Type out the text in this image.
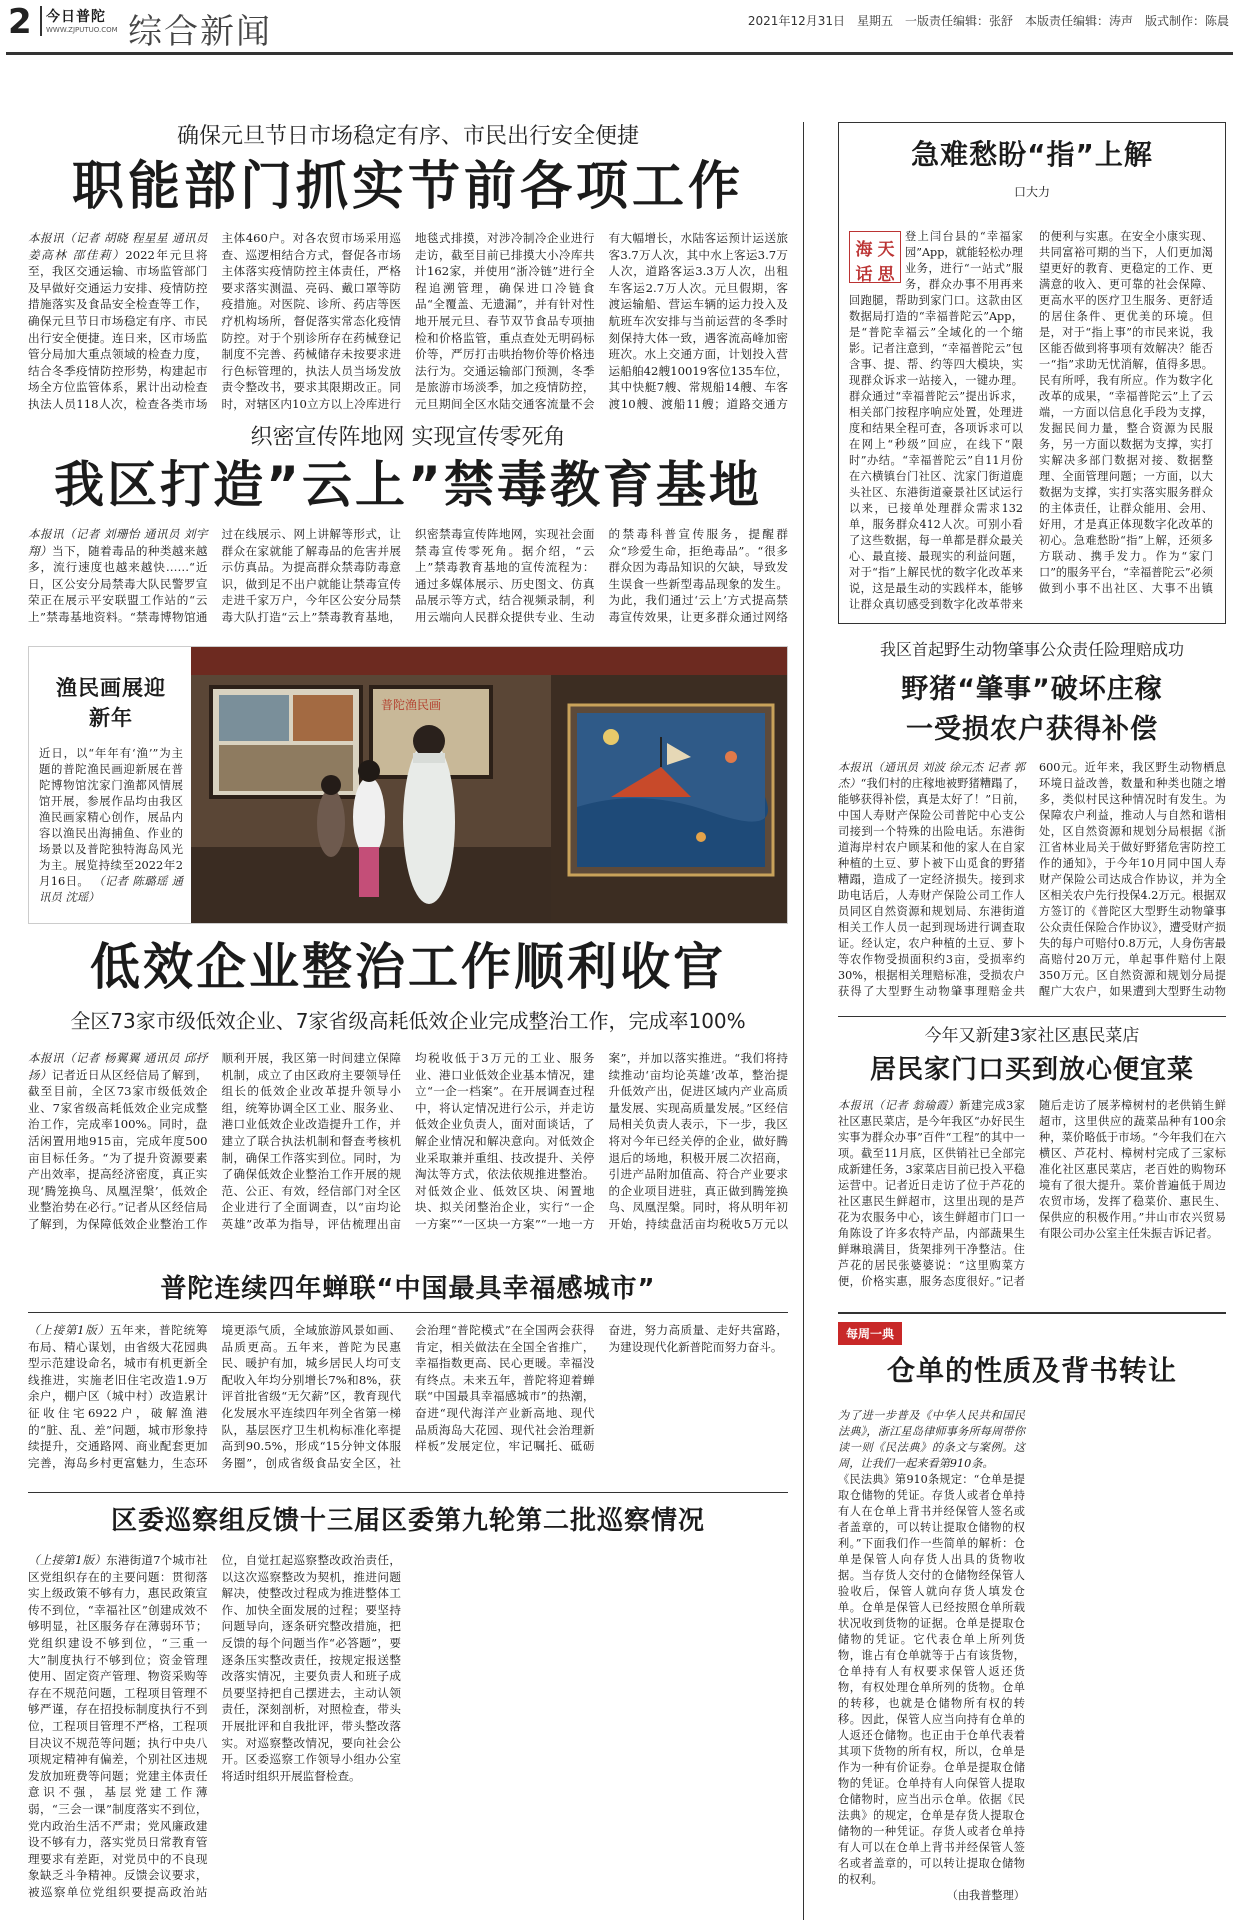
2 今日普陀
WWW.ZJPUTUO.COM 综合新闻	2021年12月31日　星期五　一版责任编辑：张舒　本版责任编辑：涛声　版式制作：陈晨
确保元旦节日市场稳定有序、市民出行安全便捷
职能部门抓实节前各项工作
本报讯（记者 胡晓 程星星 通讯员 姜高林 邵佳莉）2022年元旦将至，我区交通运输、市场监管部门及早做好交通运力安排、疫情防控措施落实及食品安全检查等工作，确保元旦节日市场稳定有序、市民出行安全便捷。连日来，区市场监管分局加大重点领域的检查力度，结合冬季疫情防控形势，构建起市场全方位监管体系，累计出动检查执法人员118人次，检查各类市场主体460户。对各农贸市场采用巡查、巡逻相结合方式，督促各市场主体落实疫情防控主体责任，严格要求落实测温、亮码、戴口罩等防疫措施。对医院、诊所、药店等医疗机构场所，督促落实常态化疫情防控。对于个别诊所存在药械登记制度不完善、药械储存未按要求进行色标管理的，执法人员当场发放责令整改书，要求其限期改正。同时，对辖区内10立方以上冷库进行地毯式排摸，对涉冷制冷企业进行走访，截至目前已排摸大小冷库共计162家，并使用“浙冷链”进行全程追溯管理，确保进口冷链食品“全覆盖、无遗漏”，并有针对性地开展元旦、春节双节食品专项抽检和价格监管，重点查处无明码标价等，严厉打击哄抬物价等价格违法行为。交通运输部门预测，冬季是旅游市场淡季，加之疫情防控，元旦期间全区水陆交通客流量不会有大幅增长，水陆客运预计运送旅客3.7万人次，其中水上客运3.7万人次，道路客运3.3万人次，出租车客运2.7万人次。元旦假期，客渡运输船、营运车辆的运力投入及航班车次安排与当前运营的冬季时刻保持大体一致，遇客流高峰加密班次。水上交通方面，计划投入营运船舶42艘10019客位135车位，其中快艇7艘、常规船14艘、车客渡10艘、渡船11艘；道路交通方
织密宣传阵地网 实现宣传零死角
我区打造”云上”禁毒教育基地
本报讯（记者 刘珊怡 通讯员 刘宇翔）当下，随着毒品的种类越来越多，流行速度也越来越快……“近日，区公安分局禁毒大队民警罗宣荣正在展示平安联盟工作站的“云上”禁毒基地资料。“禁毒博物馆通过在线展示、网上讲解等形式，让群众在家就能了解毒品的危害并展示仿真品。为提高群众禁毒防毒意识，做到足不出户就能让禁毒宣传走进千家万户，今年区公安分局禁毒大队打造“云上”禁毒教育基地，织密禁毒宣传阵地网，实现社会面禁毒宣传零死角。据介绍，“云上”禁毒教育基地的宣传流程为：通过多媒体展示、历史图文、仿真品展示等方式，结合视频录制，利用云端向人民群众提供专业、生动的禁毒科普宣传服务，提醒群众“珍爱生命，拒绝毒品”。“很多群众因为毒品知识的欠缺，导致发生误食一些新型毒品现象的发生。为此，我们通过‘云上’方式提高禁毒宣传效果，让更多群众通过网络
渔民画展迎新年
近日，以“年年有‘渔’”为主题的普陀渔民画迎新展在普陀博物馆沈家门渔都风情展馆开展，参展作品均由我区渔民画家精心创作，展品内容以渔民出海捕鱼、作业的场景以及普陀独特海岛风光为主。展览持续至2022年2月16日。 （记者 陈璐瑶 通讯员 沈瑶）
普陀渔民画
低效企业整治工作顺利收官
全区73家市级低效企业、7家省级高耗低效企业完成整治工作，完成率100%
本报讯（记者 杨翼翼 通讯员 邱抒扬）记者近日从区经信局了解到，截至目前，全区73家市级低效企业、7家省级高耗低效企业完成整治工作，完成率100%。同时，盘活闲置用地915亩，完成年度500亩目标任务。“为了提升资源要素产出效率，提高经济密度，真正实现‘腾笼换鸟、凤凰涅槃’，低效企业整治势在必行。”记者从区经信局了解到，为保障低效企业整治工作顺利开展，我区第一时间建立保障机制，成立了由区政府主要领导任组长的低效企业改革提升领导小组，统筹协调全区工业、服务业、港口业低效企业改造提升工作，并建立了联合执法机制和督查考核机制，确保工作落实到位。同时，为了确保低效企业整治工作开展的规范、公正、有效，经信部门对全区企业进行了全面调查，以“亩均论英雄”改革为指导，评估梳理出亩均税收低于3万元的工业、服务业、港口业低效企业基本情况，建立“一企一档案”。在开展调查过程中，将认定情况进行公示，并走访低效企业负责人，面对面谈话，了解企业情况和解决意向。对低效企业采取兼并重组、技改提升、关停淘汰等方式，依法依规推进整治。对低效企业、低效区块、闲置地块、拟关闭整治企业，实行“一企一方案”“一区块一方案”“一地一方案”，并加以落实推进。“我们将持续推动‘亩均论英雄’改革，整治提升低效产出，促进区域内产业高质量发展、实现高质量发展。”区经信局相关负责人表示，下一步，我区将对今年已经关停的企业，做好腾退后的场地，积极开展二次招商，引进产品附加值高、符合产业要求的企业项目进驻，真正做到腾笼换鸟、凤凰涅槃。同时，将从明年初开始，持续盘活亩均税收5万元以
普陀连续四年蝉联“中国最具幸福感城市”
（上接第1版）五年来，普陀统筹布局、精心谋划，由省级大花园典型示范建设命名，城市有机更新全线推进，实施老旧住宅改造1.9万余户，棚户区（城中村）改造累计征收住宅6922户，破解渔港的“脏、乱、差”问题，城市形象持续提升，交通路网、商业配套更加完善，海岛乡村更富魅力，生态环境更添气质，全域旅游风景如画、品质更高。五年来，普陀为民惠民、暖护有加，城乡居民人均可支配收入年均分别增长7%和8%，获评首批省级“无欠薪”区，教育现代化发展水平连续四年列全省第一梯队，基层医疗卫生机构标准化率提高到90.5%，形成“15分钟文体服务圈”，创成省级食品安全区，社会治理“普陀模式”在全国两会获得肯定，相关做法在全国全省推广，幸福指数更高、民心更暖。幸福没有终点。未来五年，普陀将迎着蝉联“中国最具幸福感城市”的热潮，奋进“现代海洋产业新高地、现代品质海岛大花园、现代社会治理新样板”发展定位，牢记嘱托、砥砺奋进，努力高质量、走好共富路，为建设现代化新普陀而努力奋斗。
区委巡察组反馈十三届区委第九轮第二批巡察情况
（上接第1版）东港街道7个城市社区党组织存在的主要问题：贯彻落实上级政策不够有力，惠民政策宣传不到位，“幸福社区”创建成效不够明显，社区服务存在薄弱环节；党组织建设不够到位，“三重一大”制度执行不够到位；资金管理使用、固定资产管理、物资采购等存在不规范问题，工程项目管理不够严谨，存在招投标制度执行不到位，工程项目管理不严格，工程项目决议不规范等问题；执行中央八项规定精神有偏差，个别社区违规发放加班费等问题；党建主体责任意识不强，基层党建工作薄弱，“三会一课”制度落实不到位，党内政治生活不严肃；党风廉政建设不够有力，落实党员日常教育管理要求有差距，对党员中的不良现象缺乏斗争精神。反馈会议要求，被巡察单位党组织要提高政治站位，自觉扛起巡察整改政治责任，以这次巡察整改为契机，推进问题解决，使整改过程成为推进整体工作、加快全面发展的过程；要坚持问题导向，逐条研究整改措施，把反馈的每个问题当作“必答题”，要逐条压实整改责任，按规定报送整改落实情况，主要负责人和班子成员要坚持把自己摆进去，主动认领责任，深刻剖析，对照检查，带头开展批评和自我批评，带头整改落实。对巡察整改情况，要向社会公开。区委巡察工作领导小组办公室将适时组织开展监督检查。
急难愁盼“指”上解
口大力
海 天
话 思
登上闫台县的“幸福家园”App，就能轻松办理业务，进行“一站式”服务，群众办事不用再来回跑腿，帮助到家门口。这款由区数据局打造的“幸福普陀云”App，是“普陀幸福云”全域化的一个缩影。记者注意到，“幸福普陀云”包含事、提、帮、约等四大模块，实现群众诉求一站接入，一键办理。群众通过“幸福普陀云”提出诉求，相关部门按程序响应处置，处理进度和结果全程可查，各项诉求可以在网上“秒级”回应，在线下“限时”办结。“幸福普陀云”自11月份在六横镇台门社区、沈家门街道鹿头社区、东港街道豪景社区试运行以来，已接单处理群众需求132单，服务群众412人次。可别小看了这些数据，每一单都是群众最关心、最直接、最现实的利益问题，对于“指”上解民忧的数字化改革来说，这是最生动的实践样本，能够让群众真切感受到数字化改革带来的便利与实惠。在安全小康实现、共同富裕可期的当下，人们更加渴望更好的教育、更稳定的工作、更满意的收入、更可靠的社会保障、更高水平的医疗卫生服务、更舒适的居住条件、更优美的环境。但是，对于“指上事”的市民来说，我区能否做到将事项有效解决？能否一“指”求助无忧消解，值得多思。民有所呼，我有所应。作为数字化改革的成果，“幸福普陀云”上了云端，一方面以信息化手段为支撑，发掘民间力量，整合资源为民服务，另一方面以数据为支撑，实打实解决多部门数据对接、数据整理、全面管理问题；一方面，以大数据为支撑，实打实落实服务群众的主体责任，让群众能用、会用、好用，才是真正体现数字化改革的初心。急难愁盼“指”上解，还须多方联动、携手发力。作为“家门口”的服务平台，“幸福普陀云”必须做到小事不出社区、大事不出镇
我区首起野生动物肇事公众责任险理赔成功
野猪“肇事”破坏庄稼
一受损农户获得补偿
本报讯（通讯员 刘波 徐元杰 记者 郭杰）“我们村的庄稼地被野猪糟蹋了，能够获得补偿，真是太好了！”日前，中国人寿财产保险公司普陀中心支公司接到一个特殊的出险电话。东港街道海岸村农户顾某和他的家人在自家种植的土豆、萝卜被下山觅食的野猪糟蹋，造成了一定经济损失。接到求助电话后，人寿财产保险公司工作人员同区自然资源和规划局、东港街道相关工作人员一起到现场进行调查取证。经认定，农户种植的土豆、萝卜等农作物受损面积约3亩，受损率约30%，根据相关理赔标准，受损农户获得了大型野生动物肇事理赔金共600元。近年来，我区野生动物栖息环境日益改善，数量和种类也随之增多，类似村民这种情况时有发生。为保障农户利益，推动人与自然和谐相处，区自然资源和规划分局根据《浙江省林业局关于做好野猪危害防控工作的通知》，于今年10月同中国人寿财产保险公司达成合作协议，并为全区相关农户先行投保4.2万元。根据双方签订的《普陀区大型野生动物肇事公众责任保险合作协议》，遭受财产损失的每户可赔付0.8万元，人身伤害最高赔付20万元，单起事件赔付上限350万元。区自然资源和规划分局提醒广大农户，如果遭到大型野生动物
今年又新建3家社区惠民菜店
居民家门口买到放心便宜菜
本报讯（记者 翁瑜霞）新建完成3家社区惠民菜店，是今年我区“办好民生实事为群众办事”百件“工程”的其中一项。截至11月底，区供销社已全部完成新建任务，3家菜店目前已投入平稳运营中。记者近日走访了位于芦花的社区惠民生鲜超市，这里出现的是芦花为农服务中心，该生鲜超市门口一角陈设了许多农特产品，内部蔬果生鲜琳琅满目，货架排列干净整洁。住芦花的居民张婆婆说：“这里购菜方便，价格实惠，服务态度很好。”记者随后走访了展茅樟树村的老供销生鲜超市，这里供应的蔬菜品种有100余种，菜价略低于市场。“今年我们在六横区、芦花村、樟树村完成了三家标准化社区惠民菜店，老百姓的购物环境有了很大提升。菜价普遍低于周边农贸市场，发挥了稳菜价、惠民生、保供应的积极作用。”井山市农兴贸易有限公司办公室主任朱振吉诉记者。
每周一典
仓单的性质及背书转让
为了进一步普及《中华人民共和国民法典》，浙江星岛律师事务所每周带你读一则《民法典》的条文与案例。这周，让我们一起来看第910条。
《民法典》第910条规定：“仓单是提取仓储物的凭证。存货人或者仓单持有人在仓单上背书并经保管人签名或者盖章的，可以转让提取仓储物的权利。”下面我们作一些简单的解析：仓单是保管人向存货人出具的货物收据。当存货人交付的仓储物经保管人验收后，保管人就向存货人填发仓单。仓单是保管人已经按照仓单所载状况收到货物的证据。仓单是提取仓储物的凭证。它代表仓单上所列货物，谁占有仓单就等于占有该货物，仓单持有人有权要求保管人返还货物，有权处理仓单所列的货物。仓单的转移，也就是仓储物所有权的转移。因此，保管人应当向持有仓单的人返还仓储物。也正由于仓单代表着其项下货物的所有权，所以，仓单是作为一种有价证券。仓单是提取仓储物的凭证。仓单持有人向保管人提取仓储物时，应当出示仓单。依据《民法典》的规定，仓单是存货人提取仓储物的一种凭证。存货人或者仓单持有人可以在仓单上背书并经保管人签名或者盖章的，可以转让提取仓储物的权利。

（由我普整理）
